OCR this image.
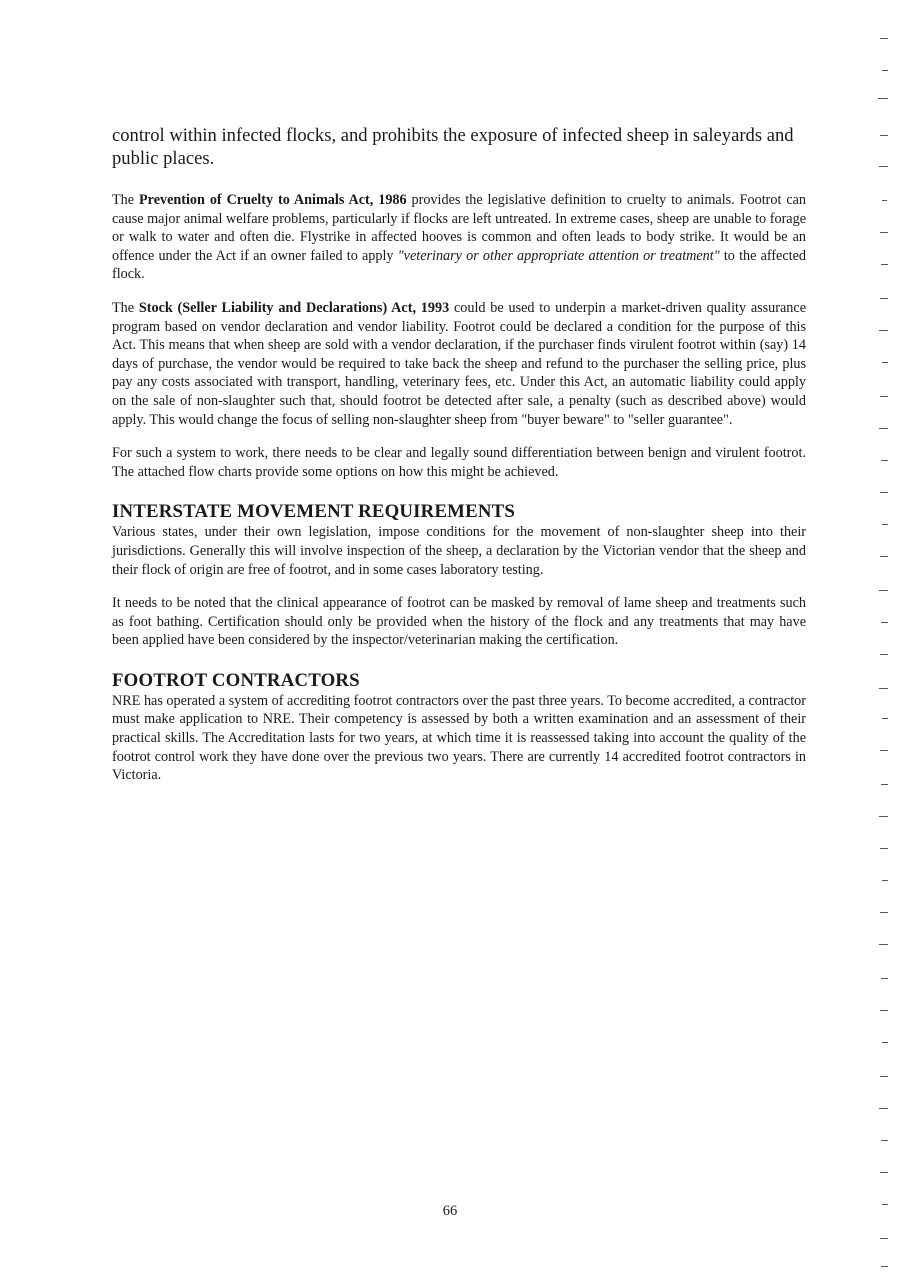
control within infected flocks, and prohibits the exposure of infected sheep in saleyards and public places.

The Prevention of Cruelty to Animals Act, 1986 provides the legislative definition to cruelty to animals. Footrot can cause major animal welfare problems, particularly if flocks are left untreated. In extreme cases, sheep are unable to forage or walk to water and often die. Flystrike in affected hooves is common and often leads to body strike. It would be an offence under the Act if an owner failed to apply "veterinary or other appropriate attention or treatment" to the affected flock.

The Stock (Seller Liability and Declarations) Act, 1993 could be used to underpin a market-driven quality assurance program based on vendor declaration and vendor liability. Footrot could be declared a condition for the purpose of this Act. This means that when sheep are sold with a vendor declaration, if the purchaser finds virulent footrot within (say) 14 days of purchase, the vendor would be required to take back the sheep and refund to the purchaser the selling price, plus pay any costs associated with transport, handling, veterinary fees, etc. Under this Act, an automatic liability could apply on the sale of non-slaughter such that, should footrot be detected after sale, a penalty (such as described above) would apply. This would change the focus of selling non-slaughter sheep from "buyer beware" to "seller guarantee".

For such a system to work, there needs to be clear and legally sound differentiation between benign and virulent footrot. The attached flow charts provide some options on how this might be achieved.

INTERSTATE MOVEMENT REQUIREMENTS

Various states, under their own legislation, impose conditions for the movement of non-slaughter sheep into their jurisdictions. Generally this will involve inspection of the sheep, a declaration by the Victorian vendor that the sheep and their flock of origin are free of footrot, and in some cases laboratory testing.

It needs to be noted that the clinical appearance of footrot can be masked by removal of lame sheep and treatments such as foot bathing. Certification should only be provided when the history of the flock and any treatments that may have been applied have been considered by the inspector/veterinarian making the certification.

FOOTROT CONTRACTORS

NRE has operated a system of accrediting footrot contractors over the past three years. To become accredited, a contractor must make application to NRE. Their competency is assessed by both a written examination and an assessment of their practical skills. The Accreditation lasts for two years, at which time it is reassessed taking into account the quality of the footrot control work they have done over the previous two years. There are currently 14 accredited footrot contractors in Victoria.

66
